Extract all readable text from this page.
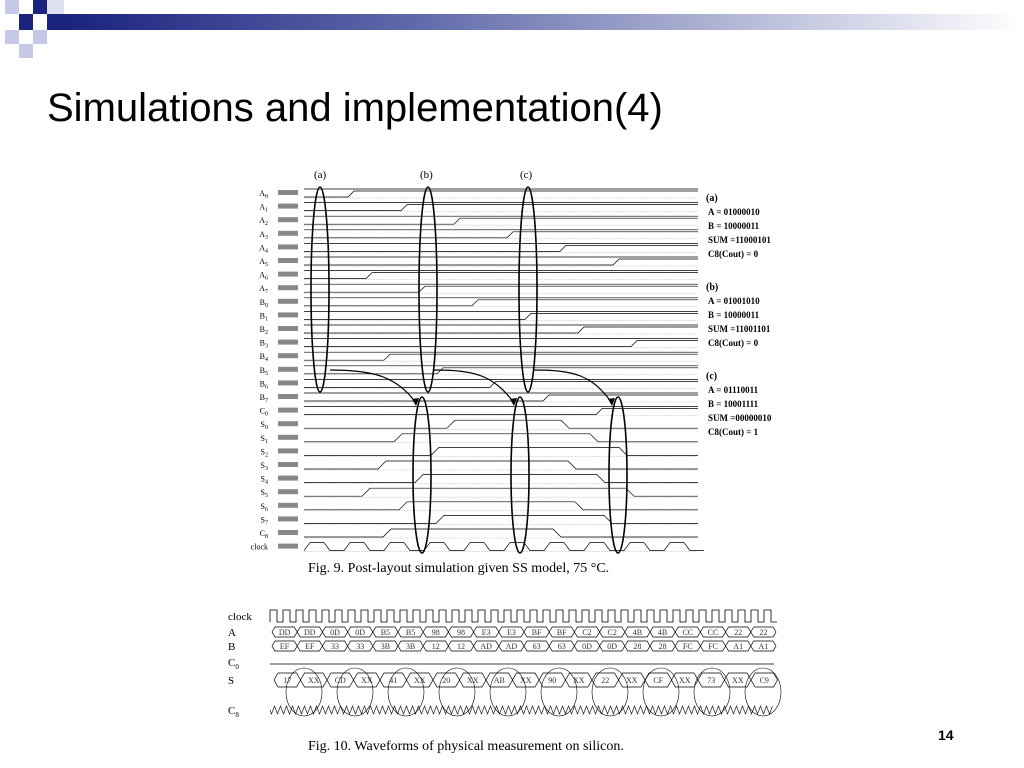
Simulations and implementation(4)
$A_0$
$A_1$
$A_2$
$A_3$
$A_4$
$A_5$
$A_6$
$A_7$
$B_0$
$B_1$
$B_2$
$B_3$
$B_4$
$B_5$
$B_6$
$B_7$
$C_0$
$S_0$
$S_1$
$S_2$
$S_3$
$S_4$
$S_5$
$S_6$
$S_7$
$C_8$
clock
(a)	(b)	(c)
(a)
A = 01000010
B = 10000011
SUM =11000101
C8(Cout) = 0
(b)
A = 01001010
B = 10000011
SUM =11001101
C8(Cout) = 0
(c)
A = 01110011
B = 10001111
SUM =00000010
C8(Cout) = 1
Fig. 9. Post-layout simulation given SS model, 75 °C.
clock
A
B
$C_0$
S
$C_8$
DD DD 0D 0D B5 B5 98 98 E3 E3 BF BF C2 C2 4B 4B CC CC 22 22
EF EF 33 33 3B 3B 12 12 AD AD 63 63 0D 0D 28 28 FC FC A1 A1
17 XX CD XX 41 XX 20 XX AB XX 90 XX 22 XX CF XX 73 XX C9
Fig. 10. Waveforms of physical measurement on silicon.
14
